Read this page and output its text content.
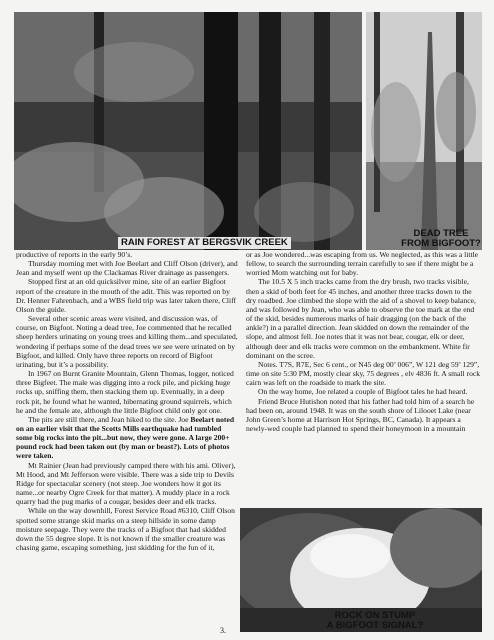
RAIN FOREST AT BERGSVIK CREEK
DEAD TREE
FROM BIGFOOT?
ROCK ON STUMP
A BIGFOOT SIGNAL?

productive of reports in the early 90’s.

Thursday morning met with Joe Beelart and Cliff Olson (driver), and Jean and myself went up the Clackamas River drainage as passengers.

Stopped first at an old quicksilver mine, site of an earlier Bigfoot report of the creature in the mouth of the adit. This was reported on by Dr. Henner Fahrenbach, and a WBS field trip was later taken there, Cliff Olson the guide.

Several other scenic areas were visited, and discussion was, of course, on Bigfoot. Noting a dead tree, Joe commented that he recalled sheep herders urinating on young trees and killing them...and speculated, wondering if perhaps some of the dead trees we see were urinated on by Bigfoot, and killed. Only have three reports on record of Bigfoot urinating, but it’s a possibility.

In 1967 on Burnt Granite Mountain, Glenn Thomas, logger, noticed three Bigfeet. The male was digging into a rock pile, and picking huge rocks up, sniffing them, then stacking them up. Eventually, in a deep rock pit, he found what he wanted, hibernating ground squirrels, which he and the female ate, although the little Bigfoot child only got one.

The pits are still there, and Jean hiked to the site. Joe Beelart noted on an earlier visit that the Scotts Mills earthquake had tumbled some big rocks into the pit...but now, they were gone. A large 200+ pound rock had been taken out (by man or beast?). Lots of photos were taken.

Mt Rainier (Jean had previously camped there with his ami. Oliver), Mt Hood, and Mt Jefferson were visible. There was a side trip to Devils Ridge for spectacular scenery (not steep. Joe wonders how it got its name...or nearby Ogre Creek for that matter). A muddy place in a rock quarry had the pug marks of a cougar, besides deer and elk tracks.

While on the way downhill, Forest Service Road #6310, Cliff Olson spotted some strange skid marks on a steep hillside in some damp moisture seepage. They were the tracks of a Bigfoot that had skidded down the 55 degree slope. It is not known if the smaller creature was chasing game, escaping something, just skidding for the fun of it,

or as Joe wondered...was escaping from us. We neglected, as this was a little fellow, to search the surrounding terrain carefully to see if there might be a worried Mom watching out for baby.

The 10.5 X 5 inch tracks came from the dry brush, two tracks visible, then a skid of both feet for 45 inches, and another three tracks down to the dry roadbed. Joe climbed the slope with the aid of a shovel to keep balance, and was followed by Jean, who was able to observe the toe mark at the end of the skid, besides numerous marks of hair dragging (on the back of the ankle?) in a parallel direction. Jean skidded on down the remainder of the slope, and almost fell. Joe notes that it was not bear, cougar, elk or deer, although deer and elk tracks were common on the embankment. White fir dominant on the scree.

Notes. T7S, R7E, Sec 6 cent., or N45 deg 00’ 006”, W 121 deg 59’ 129”, time on site 5:30 PM, mostly clear sky, 75 degrees , elv 4836 ft. A small rock cairn was left on the roadside to mark the site.

On the way home, Joe related a couple of Bigfoot tales he had heard.

Friend Bruce Hutishon noted that his father had told him of a search he had been on, around 1948. It was on the south shore of Lilooet Lake (near John Green’s home at Harrison Hot Springs, BC, Canada). It appears a newly-wed couple had planned to spend their honeymoon in a mountain

3.
